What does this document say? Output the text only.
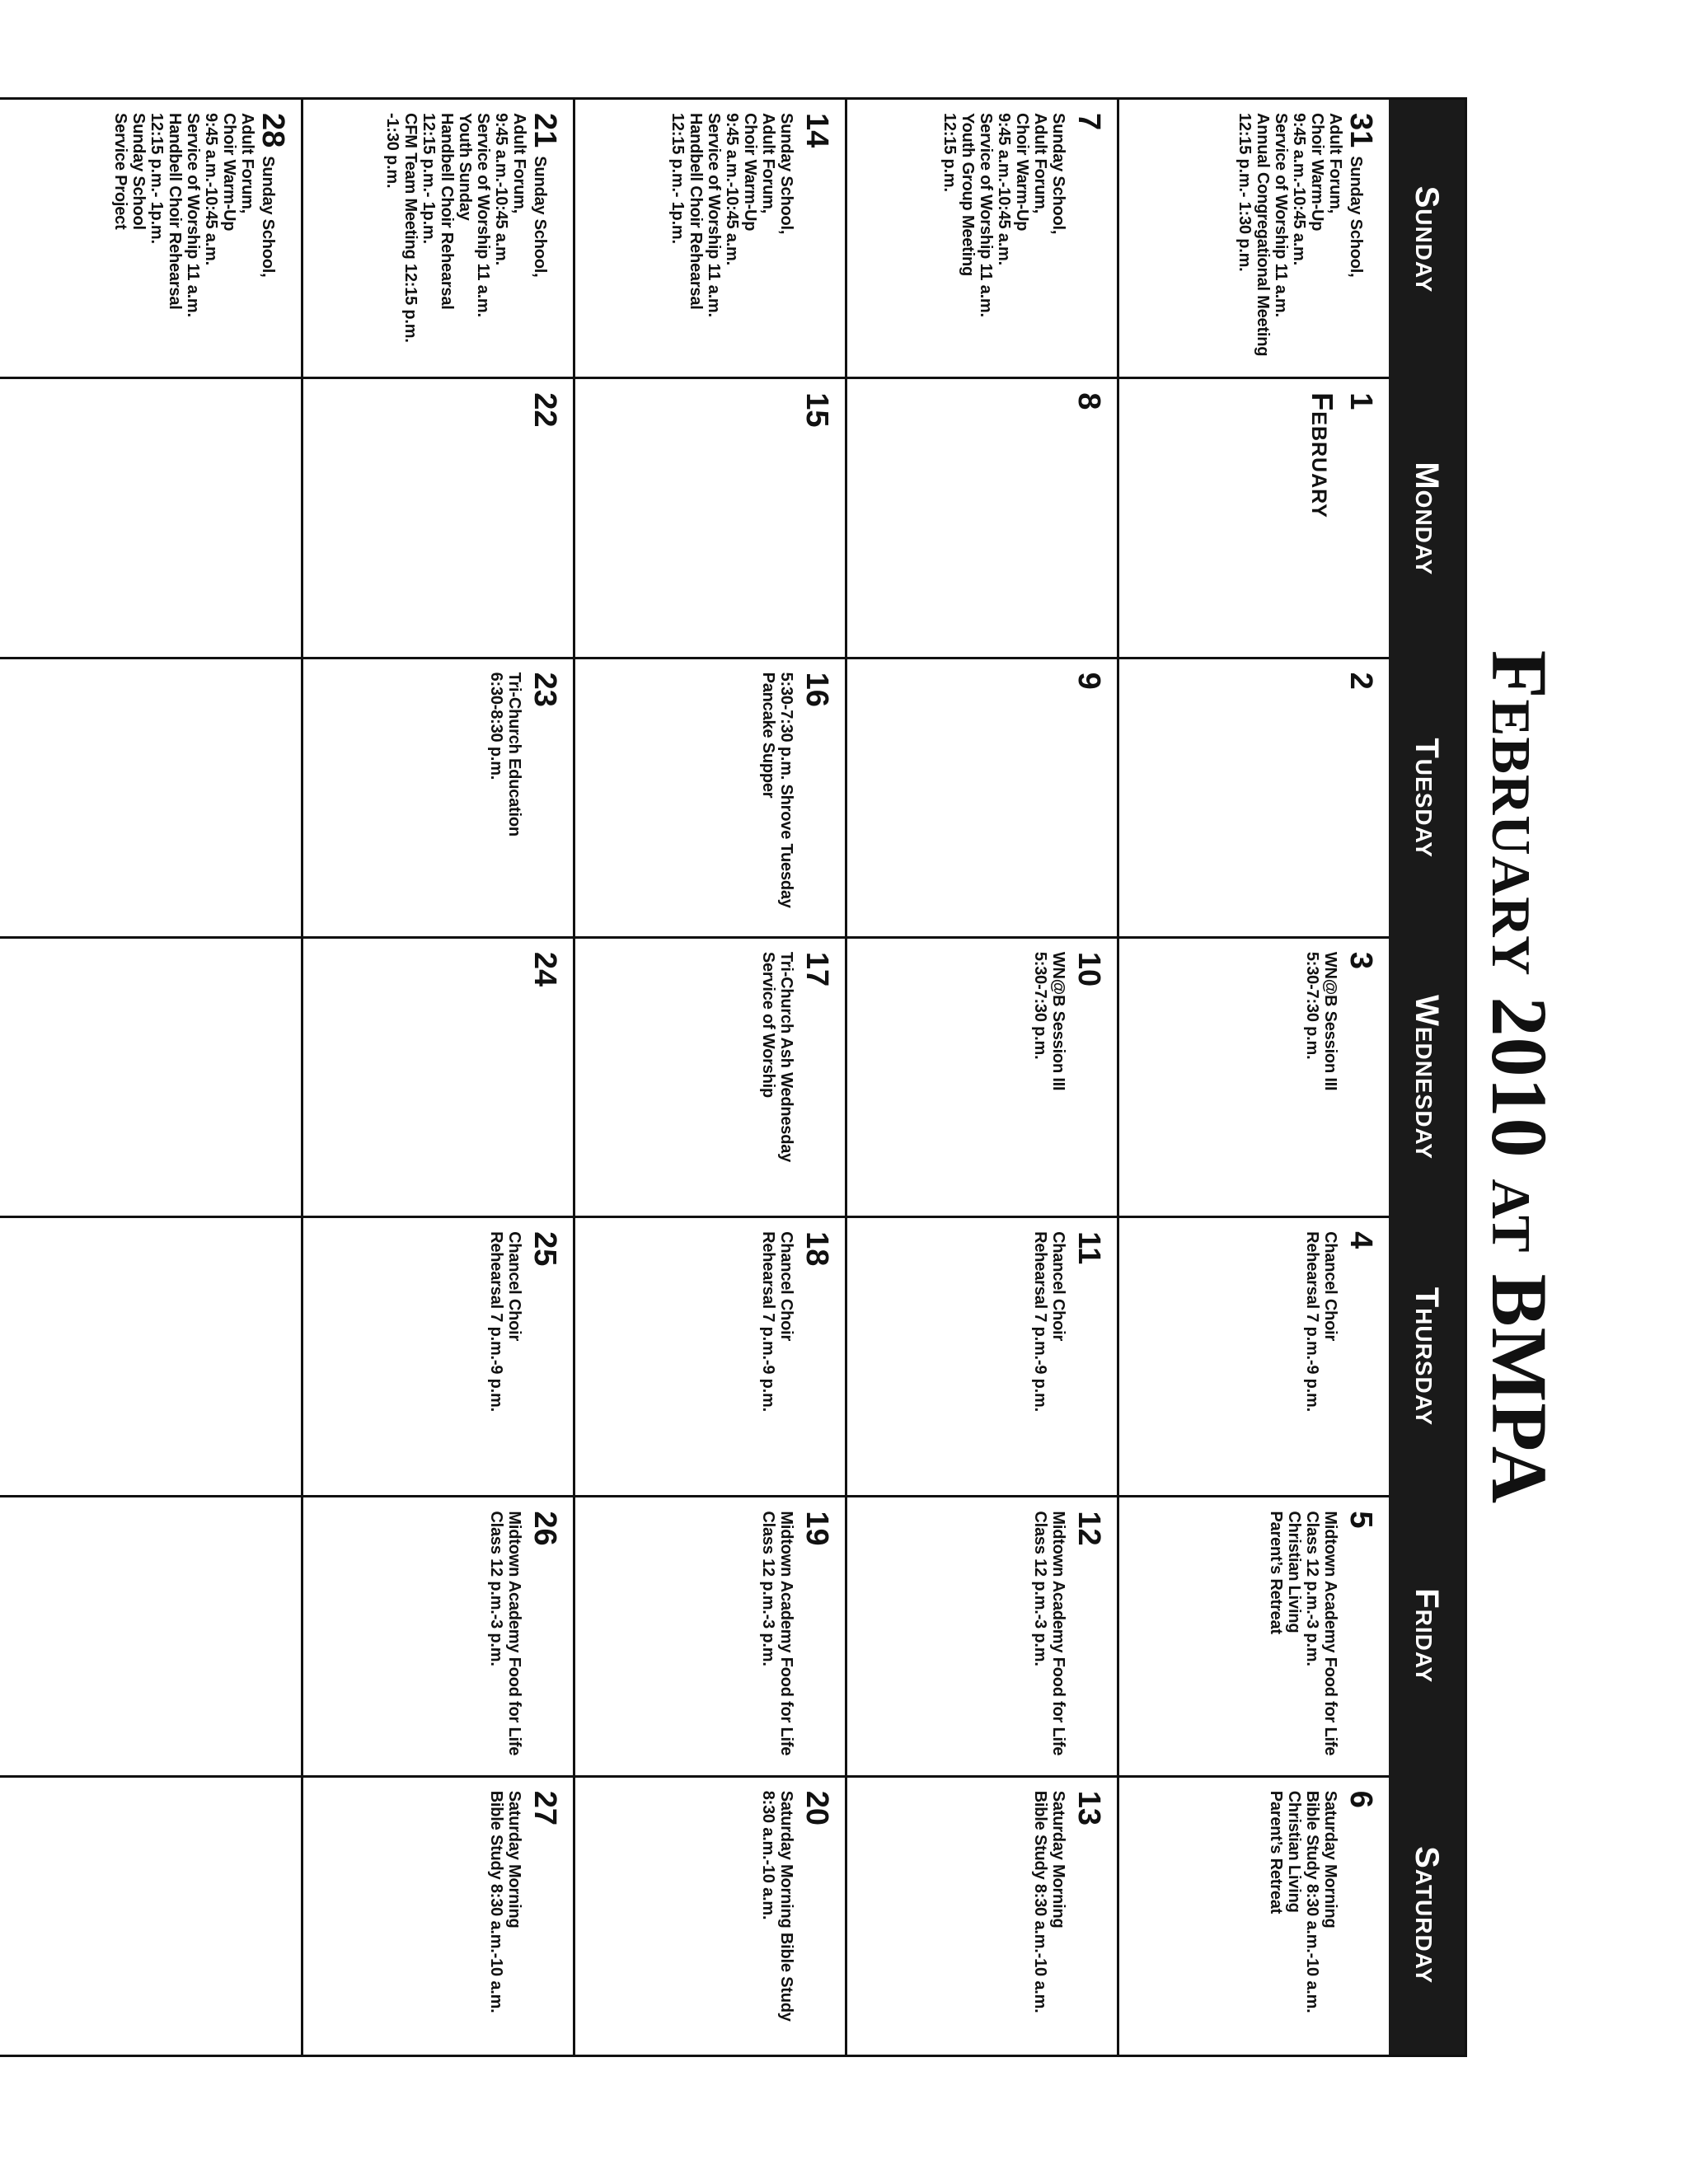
February 2010 at BMPA
Sunday
Monday
Tuesday
Wednesday
Thursday
Friday
Saturday
31Sunday School,
Adult Forum,
Choir Warm-Up
9:45 a.m.-10:45 a.m.
Service of Worship 11 a.m.
Annual Congregational Meeting
12:15 p.m.- 1:30 p.m.
1
February
2
3
WN@B Session III
5:30-7:30 p.m.
4
Chancel Choir
Rehearsal 7 p.m.-9 p.m.
5
Midtown Academy Food for Life
Class 12 p.m.-3 p.m.
Christian Living
Parent’s Retreat
6
Saturday Morning
Bible Study 8:30 a.m.-10 a.m.
Christian Living
Parent’s Retreat
7
Sunday School,
Adult Forum,
Choir Warm-Up
9:45 a.m.-10:45 a.m.
Service of Worship 11 a.m.
Youth Group Meeting
12:15 p.m.
8
9
10
WN@B Session III
5:30-7:30 p.m.
11
Chancel Choir
Rehearsal 7 p.m.-9 p.m.
12
Midtown Academy Food for Life
Class 12 p.m.-3 p.m.
13
Saturday Morning
Bible Study 8:30 a.m.-10 a.m.
14
Sunday School,
Adult Forum,
Choir Warm-Up
9:45 a.m.-10:45 a.m.
Service of Worship 11 a.m.
Handbell Choir Rehearsal
12:15 p.m.- 1p.m.
15
16
5:30-7:30 p.m. Shrove Tuesday
Pancake Supper
17
Tri-Church Ash Wednesday
Service of Worship
18
Chancel Choir
Rehearsal 7 p.m.-9 p.m.
19
Midtown Academy Food for Life
Class 12 p.m.-3 p.m.
20
Saturday Morning Bible Study
8:30 a.m.-10 a.m.
21Sunday School,
Adult Forum,
9:45 a.m.-10:45 a.m.
Service of Worship 11 a.m.
Youth Sunday
Handbell Choir Rehearsal
12:15 p.m.- 1p.m.
CFM Team Meeting 12:15 p.m.
-1:30 p.m.
22
23
Tri-Church Education
6:30-8:30 p.m.
24
25
Chancel Choir
Rehearsal 7 p.m.-9 p.m.
26
Midtown Academy Food for Life
Class 12 p.m.-3 p.m.
27
Saturday Morning
Bible Study 8:30 a.m.-10 a.m.
28Sunday School,
Adult Forum,
Choir Warm-Up
9:45 a.m.-10:45 a.m.
Service of Worship 11 a.m.
Handbell Choir Rehearsal
12:15 p.m.- 1p.m.
Sunday School
Service Project
